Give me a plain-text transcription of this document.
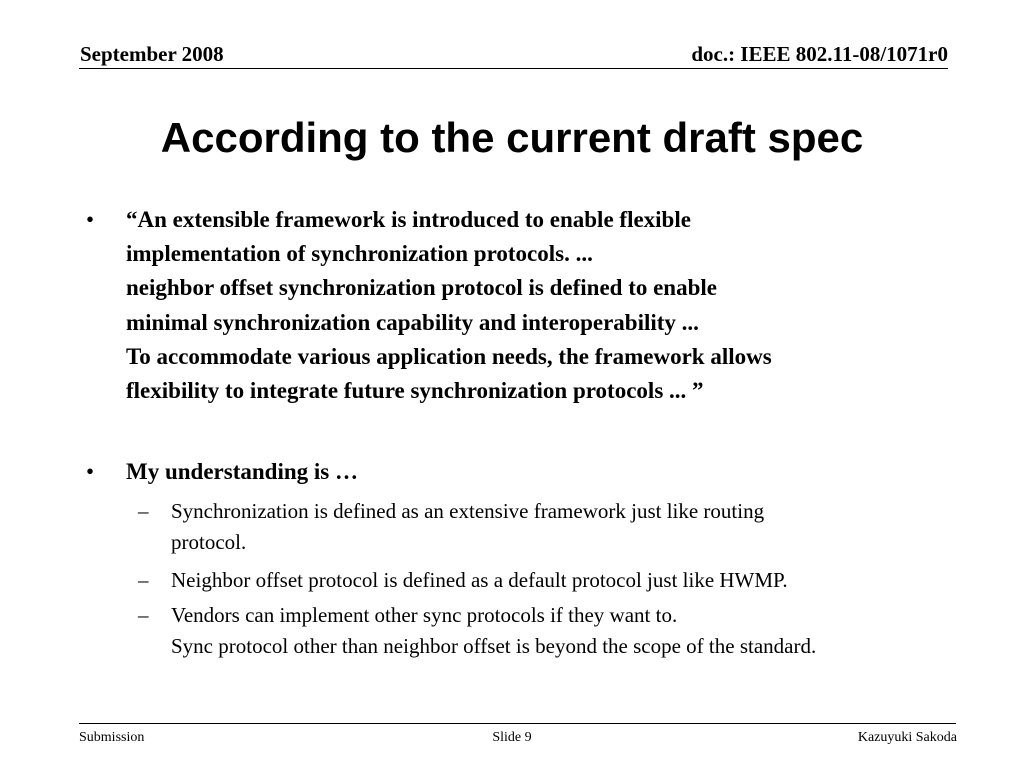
September 2008	doc.: IEEE 802.11-08/1071r0
According to the current draft spec
• “An extensible framework is introduced to enable flexible
implementation of synchronization protocols. ...
neighbor offset synchronization protocol is defined to enable
minimal synchronization capability and interoperability ...
To accommodate various application needs, the framework allows
flexibility to integrate future synchronization protocols ... ”
• My understanding is …
– Synchronization is defined as an extensive framework just like routing
protocol.
– Neighbor offset protocol is defined as a default protocol just like HWMP.
– Vendors can implement other sync protocols if they want to.
Sync protocol other than neighbor offset is beyond the scope of the standard.
Submission	Slide 9	Kazuyuki Sakoda
